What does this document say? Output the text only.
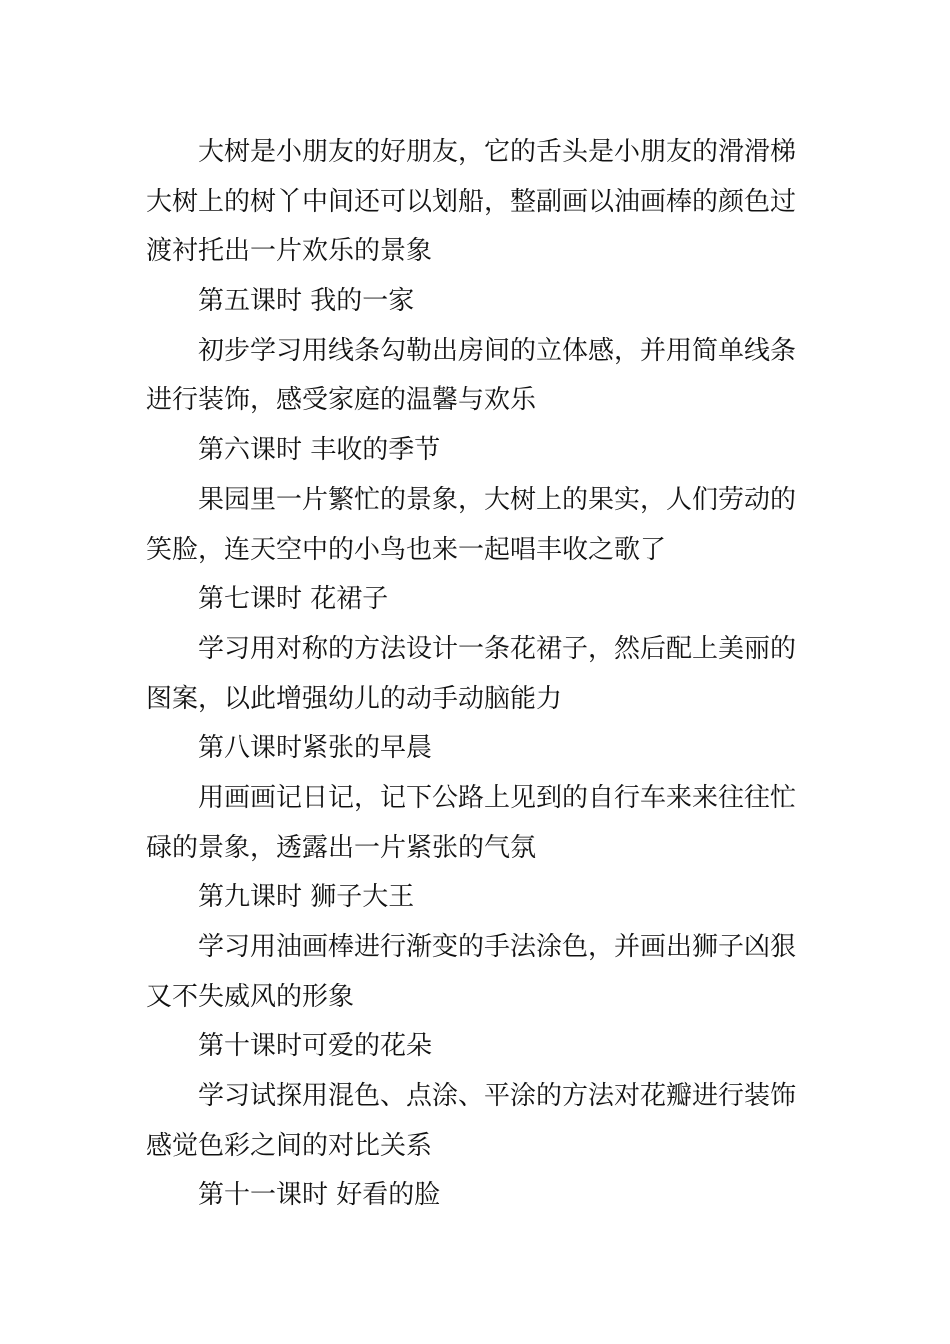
大树是小朋友的好朋友，它的舌头是小朋友的滑滑梯
大树上的树丫中间还可以划船，整副画以油画棒的颜色过
渡衬托出一片欢乐的景象
第五课时 我的一家
初步学习用线条勾勒出房间的立体感，并用简单线条
进行装饰，感受家庭的温馨与欢乐
第六课时 丰收的季节
果园里一片繁忙的景象，大树上的果实，人们劳动的
笑脸，连天空中的小鸟也来一起唱丰收之歌了
第七课时 花裙子
学习用对称的方法设计一条花裙子，然后配上美丽的
图案，以此增强幼儿的动手动脑能力
第八课时紧张的早晨
用画画记日记，记下公路上见到的自行车来来往往忙
碌的景象，透露出一片紧张的气氛
第九课时 狮子大王
学习用油画棒进行渐变的手法涂色，并画出狮子凶狠
又不失威风的形象
第十课时可爱的花朵
学习试探用混色、点涂、平涂的方法对花瓣进行装饰
感觉色彩之间的对比关系
第十一课时 好看的脸
